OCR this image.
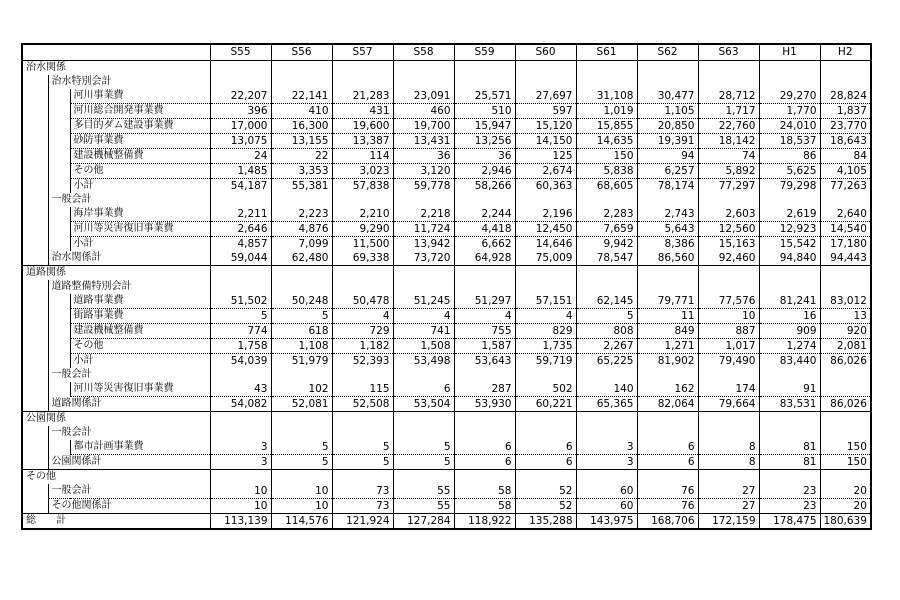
			S55	S56	S57	S58	S59	S60	S61	S62	S63	H1	H2
治水関係													
	治水特別会計												
		河川事業費	22,207	22,141	21,283	23,091	25,571	27,697	31,108	30,477	28,712	29,270	28,824
		河川総合開発事業費	396	410	431	460	510	597	1,019	1,105	1,717	1,770	1,837
		多目的ダム建設事業費	17,000	16,300	19,600	19,700	15,947	15,120	15,855	20,850	22,760	24,010	23,770
		砂防事業費	13,075	13,155	13,387	13,431	13,256	14,150	14,635	19,391	18,142	18,537	18,643
		建設機械整備費	24	22	114	36	36	125	150	94	74	86	84
		その他	1,485	3,353	3,023	3,120	2,946	2,674	5,838	6,257	5,892	5,625	4,105
		小計	54,187	55,381	57,838	59,778	58,266	60,363	68,605	78,174	77,297	79,298	77,263
	一般会計												
		海岸事業費	2,211	2,223	2,210	2,218	2,244	2,196	2,283	2,743	2,603	2,619	2,640
		河川等災害復旧事業費	2,646	4,876	9,290	11,724	4,418	12,450	7,659	5,643	12,560	12,923	14,540
		小計	4,857	7,099	11,500	13,942	6,662	14,646	9,942	8,386	15,163	15,542	17,180
	治水関係計		59,044	62,480	69,338	73,720	64,928	75,009	78,547	86,560	92,460	94,840	94,443
道路関係													
	道路整備特別会計												
		道路事業費	51,502	50,248	50,478	51,245	51,297	57,151	62,145	79,771	77,576	81,241	83,012
		街路事業費	5	5	4	4	4	4	5	11	10	16	13
		建設機械整備費	774	618	729	741	755	829	808	849	887	909	920
		その他	1,758	1,108	1,182	1,508	1,587	1,735	2,267	1,271	1,017	1,274	2,081
		小計	54,039	51,979	52,393	53,498	53,643	59,719	65,225	81,902	79,490	83,440	86,026
	一般会計												
		河川等災害復旧事業費	43	102	115	6	287	502	140	162	174	91	
	道路関係計		54,082	52,081	52,508	53,504	53,930	60,221	65,365	82,064	79,664	83,531	86,026
公園関係													
	一般会計												
		都市計画事業費	3	5	5	5	6	6	3	6	8	81	150
	公園関係計		3	5	5	5	6	6	3	6	8	81	150
その他													
	一般会計		10	10	73	55	58	52	60	76	27	23	20
	その他関係計		10	10	73	55	58	52	60	76	27	23	20
総　　計			113,139	114,576	121,924	127,284	118,922	135,288	143,975	168,706	172,159	178,475	180,639
